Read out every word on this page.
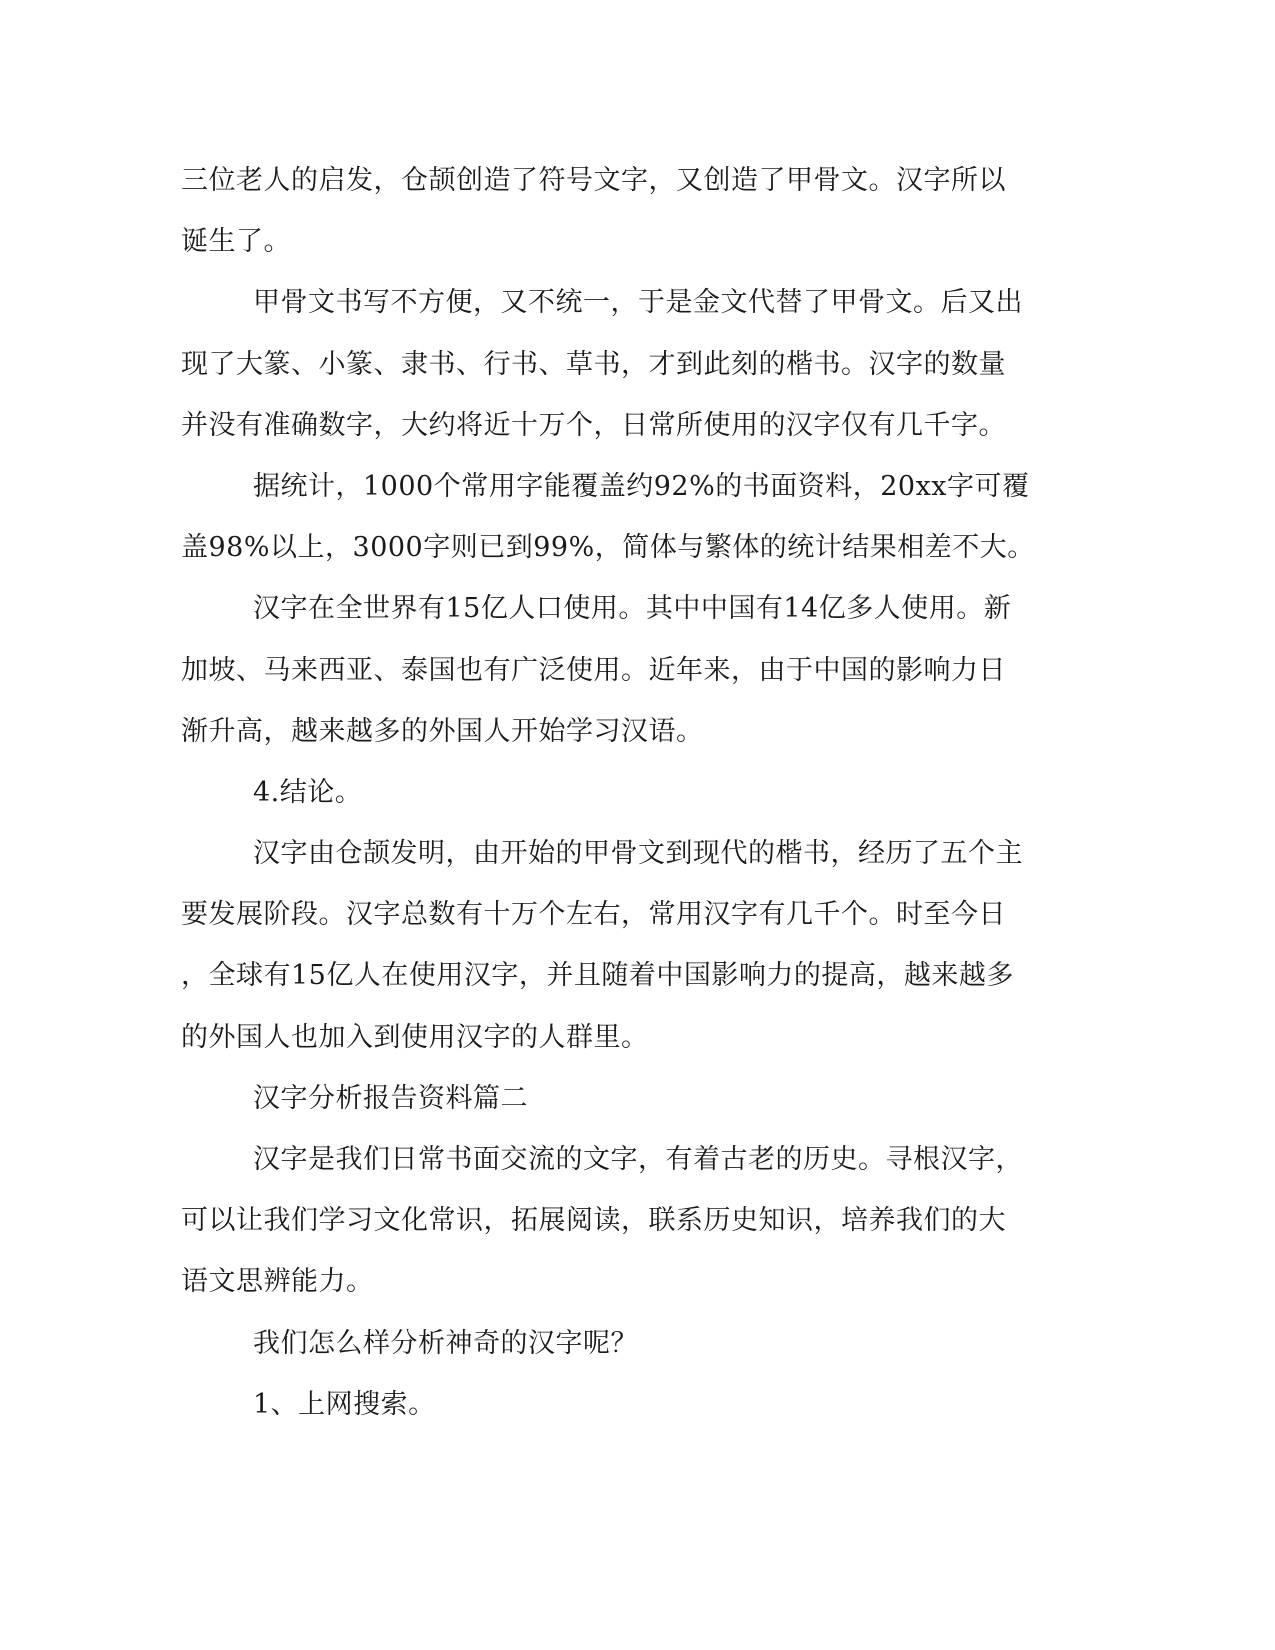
三位老人的启发，仓颉创造了符号文字，又创造了甲骨文。汉字所以
诞生了。
甲骨文书写不方便，又不统一，于是金文代替了甲骨文。后又出
现了大篆、小篆、隶书、行书、草书，才到此刻的楷书。汉字的数量
并没有准确数字，大约将近十万个，日常所使用的汉字仅有几千字。
据统计，1000个常用字能覆盖约92%的书面资料，20xx字可覆
盖98%以上，3000字则已到99%，简体与繁体的统计结果相差不大。
汉字在全世界有15亿人口使用。其中中国有14亿多人使用。新
加坡、马来西亚、泰国也有广泛使用。近年来，由于中国的影响力日
渐升高，越来越多的外国人开始学习汉语。
4.结论。
汉字由仓颉发明，由开始的甲骨文到现代的楷书，经历了五个主
要发展阶段。汉字总数有十万个左右，常用汉字有几千个。时至今日
，全球有15亿人在使用汉字，并且随着中国影响力的提高，越来越多
的外国人也加入到使用汉字的人群里。
汉字分析报告资料篇二
汉字是我们日常书面交流的文字，有着古老的历史。寻根汉字，
可以让我们学习文化常识，拓展阅读，联系历史知识，培养我们的大
语文思辨能力。
我们怎么样分析神奇的汉字呢？
1、上网搜索。
